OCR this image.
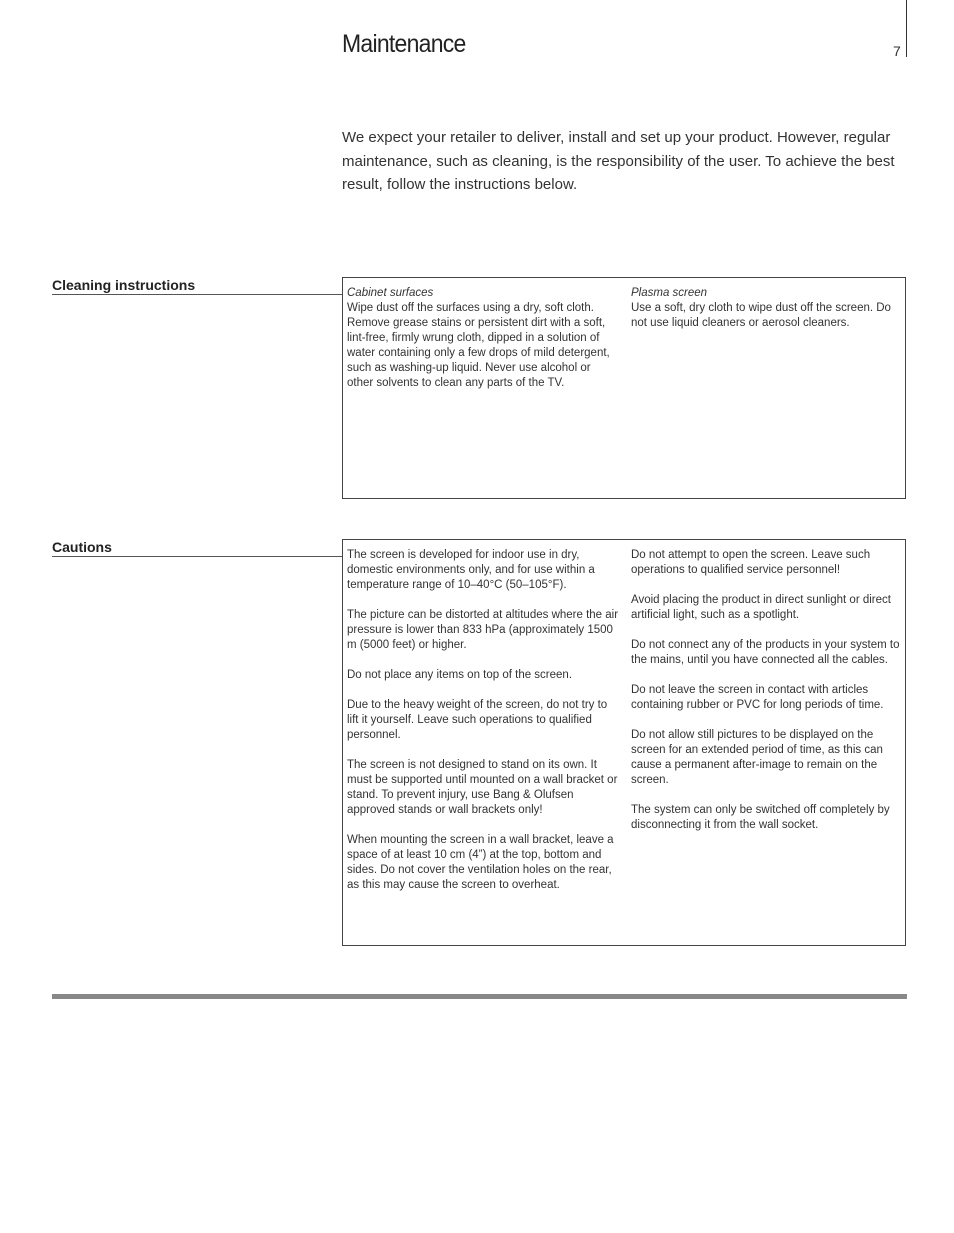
Maintenance	7

We expect your retailer to deliver, install and set up your product. However, regular maintenance, such as cleaning, is the responsibility of the user. To achieve the best result, follow the instructions below.

Cleaning instructions	Cabinet surfaces
Wipe dust off the surfaces using a dry, soft cloth. Remove grease stains or persistent dirt with a soft, lint-free, firmly wrung cloth, dipped in a solution of water containing only a few drops of mild detergent, such as washing-up liquid. Never use alcohol or other solvents to clean any parts of the TV.
Plasma screen
Use a soft, dry cloth to wipe dust off the screen. Do not use liquid cleaners or aerosol cleaners.
Cautions	The screen is developed for indoor use in dry, domestic environments only, and for use within a temperature range of 10–40°C (50–105°F).

The picture can be distorted at altitudes where the air pressure is lower than 833 hPa (approximately 1500 m (5000 feet) or higher.

Do not place any items on top of the screen.

Due to the heavy weight of the screen, do not try to lift it yourself. Leave such operations to qualified personnel.

The screen is not designed to stand on its own. It must be supported until mounted on a wall bracket or stand. To prevent injury, use Bang & Olufsen approved stands or wall brackets only!

When mounting the screen in a wall bracket, leave a space of at least 10 cm (4”) at the top, bottom and sides. Do not cover the ventilation holes on the rear, as this may cause the screen to overheat.

Do not attempt to open the screen. Leave such operations to qualified service personnel!

Avoid placing the product in direct sunlight or direct artificial light, such as a spotlight.

Do not connect any of the products in your system to the mains, until you have connected all the cables.

Do not leave the screen in contact with articles containing rubber or PVC for long periods of time.

Do not allow still pictures to be displayed on the screen for an extended period of time, as this can cause a permanent after-image to remain on the screen.

The system can only be switched off completely by disconnecting it from the wall socket.
